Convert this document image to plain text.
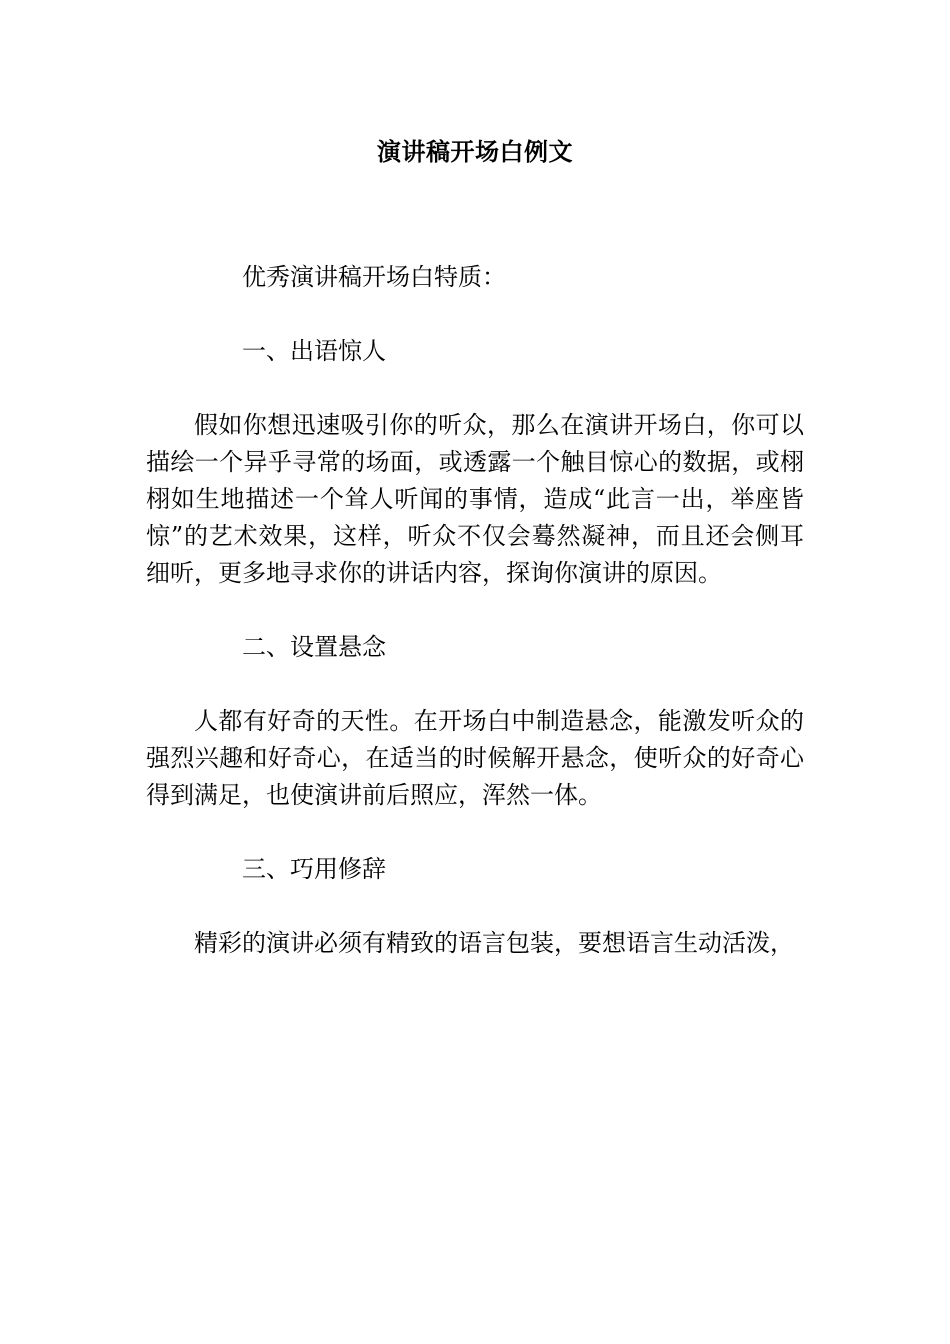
演讲稿开场白例文

优秀演讲稿开场白特质：

一、出语惊人

假如你想迅速吸引你的听众，那么在演讲开场白，你可以描绘一个异乎寻常的场面，或透露一个触目惊心的数据，或栩栩如生地描述一个耸人听闻的事情，造成“此言一出，举座皆惊”的艺术效果，这样，听众不仅会蓦然凝神，而且还会侧耳细听，更多地寻求你的讲话内容，探询你演讲的原因。

二、设置悬念

人都有好奇的天性。在开场白中制造悬念，能激发听众的强烈兴趣和好奇心，在适当的时候解开悬念，使听众的好奇心得到满足，也使演讲前后照应，浑然一体。

三、巧用修辞

精彩的演讲必须有精致的语言包装，要想语言生动活泼，
